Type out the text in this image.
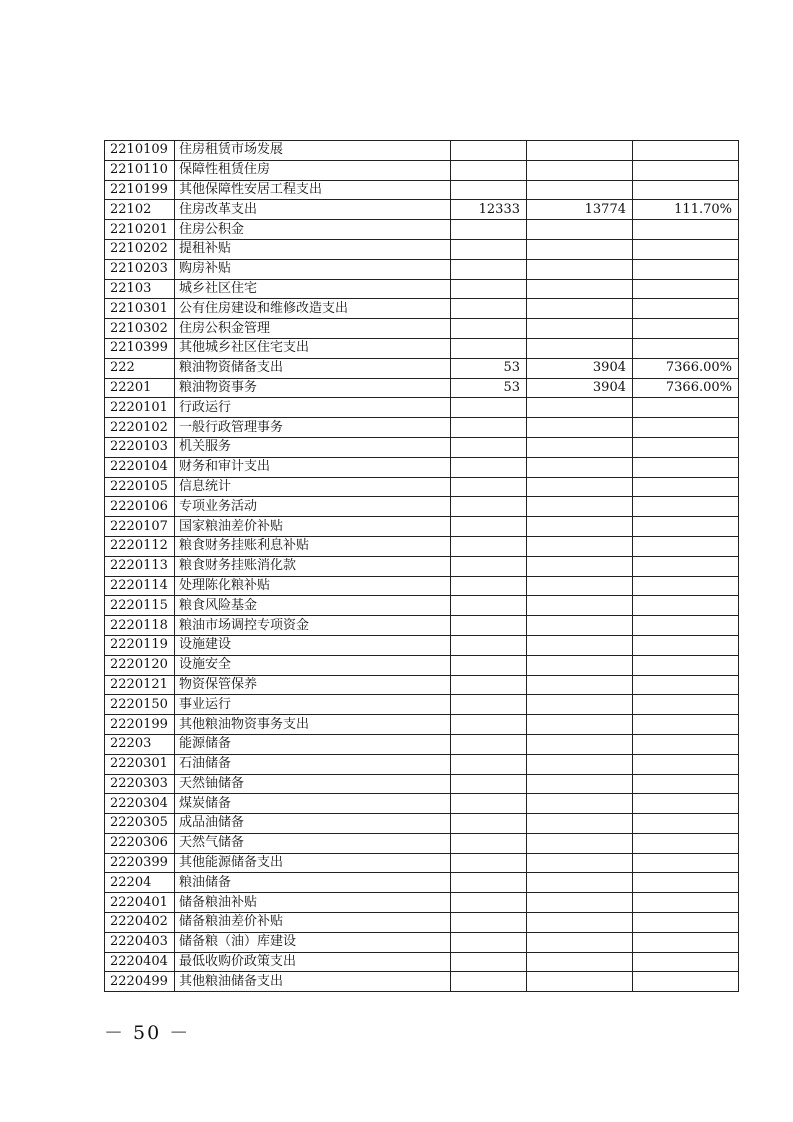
2210109	住房租赁市场发展			
2210110	保障性租赁住房			
2210199	其他保障性安居工程支出			
22102	住房改革支出	12333	13774	111.70%
2210201	住房公积金			
2210202	提租补贴			
2210203	购房补贴			
22103	城乡社区住宅			
2210301	公有住房建设和维修改造支出			
2210302	住房公积金管理			
2210399	其他城乡社区住宅支出			
222	粮油物资储备支出	53	3904	7366.00%
22201	粮油物资事务	53	3904	7366.00%
2220101	行政运行			
2220102	一般行政管理事务			
2220103	机关服务			
2220104	财务和审计支出			
2220105	信息统计			
2220106	专项业务活动			
2220107	国家粮油差价补贴			
2220112	粮食财务挂账利息补贴			
2220113	粮食财务挂账消化款			
2220114	处理陈化粮补贴			
2220115	粮食风险基金			
2220118	粮油市场调控专项资金			
2220119	设施建设			
2220120	设施安全			
2220121	物资保管保养			
2220150	事业运行			
2220199	其他粮油物资事务支出			
22203	能源储备			
2220301	石油储备			
2220303	天然铀储备			
2220304	煤炭储备			
2220305	成品油储备			
2220306	天然气储备			
2220399	其他能源储备支出			
22204	粮油储备			
2220401	储备粮油补贴			
2220402	储备粮油差价补贴			
2220403	储备粮（油）库建设			
2220404	最低收购价政策支出			
2220499	其他粮油储备支出			
－ 50 －
